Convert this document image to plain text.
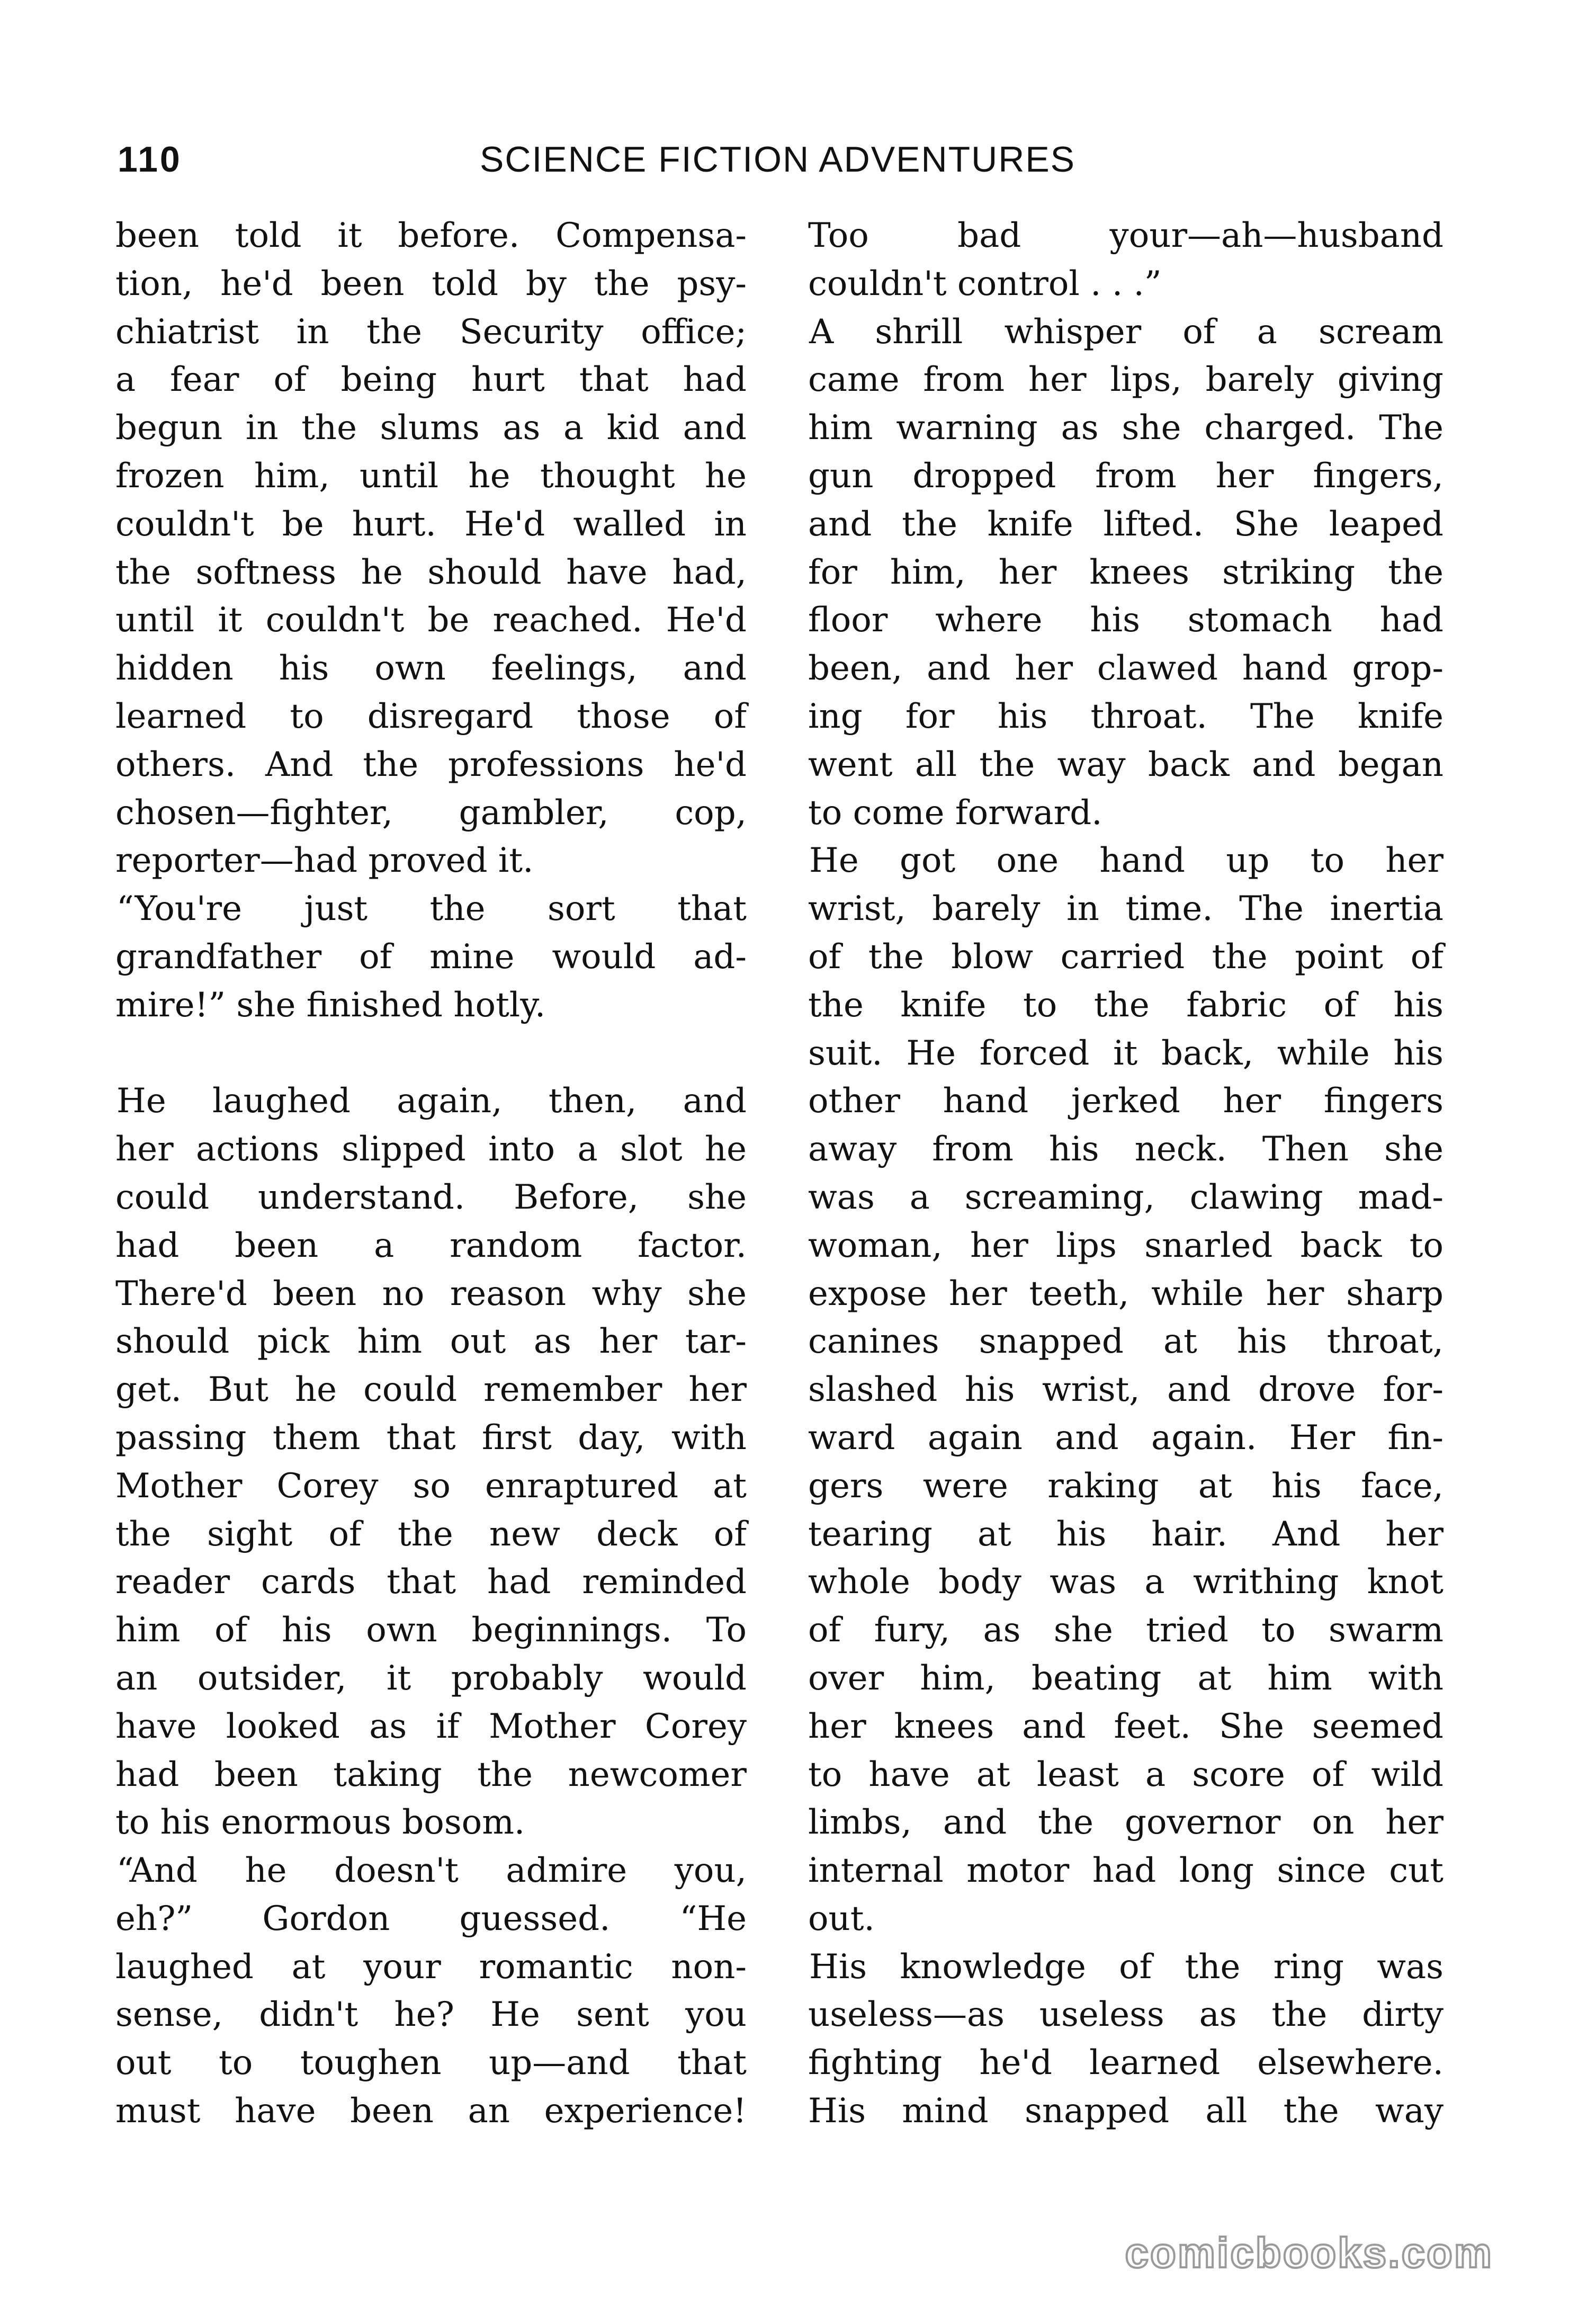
110	SCIENCE FICTION ADVENTURES
been told it before. Compensa-
tion, he'd been told by the psy-
chiatrist in the Security office;
a fear of being hurt that had
begun in the slums as a kid and
frozen him, until he thought he
couldn't be hurt. He'd walled in
the softness he should have had,
until it couldn't be reached. He'd
hidden his own feelings, and
learned to disregard those of
others. And the professions he'd
chosen—fighter, gambler, cop,
reporter—had proved it.
“You're just the sort that
grandfather of mine would ad-
mire!” she finished hotly.
He laughed again, then, and
her actions slipped into a slot he
could understand. Before, she
had been a random factor.
There'd been no reason why she
should pick him out as her tar-
get. But he could remember her
passing them that first day, with
Mother Corey so enraptured at
the sight of the new deck of
reader cards that had reminded
him of his own beginnings. To
an outsider, it probably would
have looked as if Mother Corey
had been taking the newcomer
to his enormous bosom.
“And he doesn't admire you,
eh?” Gordon guessed. “He
laughed at your romantic non-
sense, didn't he? He sent you
out to toughen up—and that
must have been an experience!
Too bad your—ah—husband
couldn't control . . .”
A shrill whisper of a scream
came from her lips, barely giving
him warning as she charged. The
gun dropped from her fingers,
and the knife lifted. She leaped
for him, her knees striking the
floor where his stomach had
been, and her clawed hand grop-
ing for his throat. The knife
went all the way back and began
to come forward.
He got one hand up to her
wrist, barely in time. The inertia
of the blow carried the point of
the knife to the fabric of his
suit. He forced it back, while his
other hand jerked her fingers
away from his neck. Then she
was a screaming, clawing mad-
woman, her lips snarled back to
expose her teeth, while her sharp
canines snapped at his throat,
slashed his wrist, and drove for-
ward again and again. Her fin-
gers were raking at his face,
tearing at his hair. And her
whole body was a writhing knot
of fury, as she tried to swarm
over him, beating at him with
her knees and feet. She seemed
to have at least a score of wild
limbs, and the governor on her
internal motor had long since cut
out.
His knowledge of the ring was
useless—as useless as the dirty
fighting he'd learned elsewhere.
His mind snapped all the way
comicbooks.com
